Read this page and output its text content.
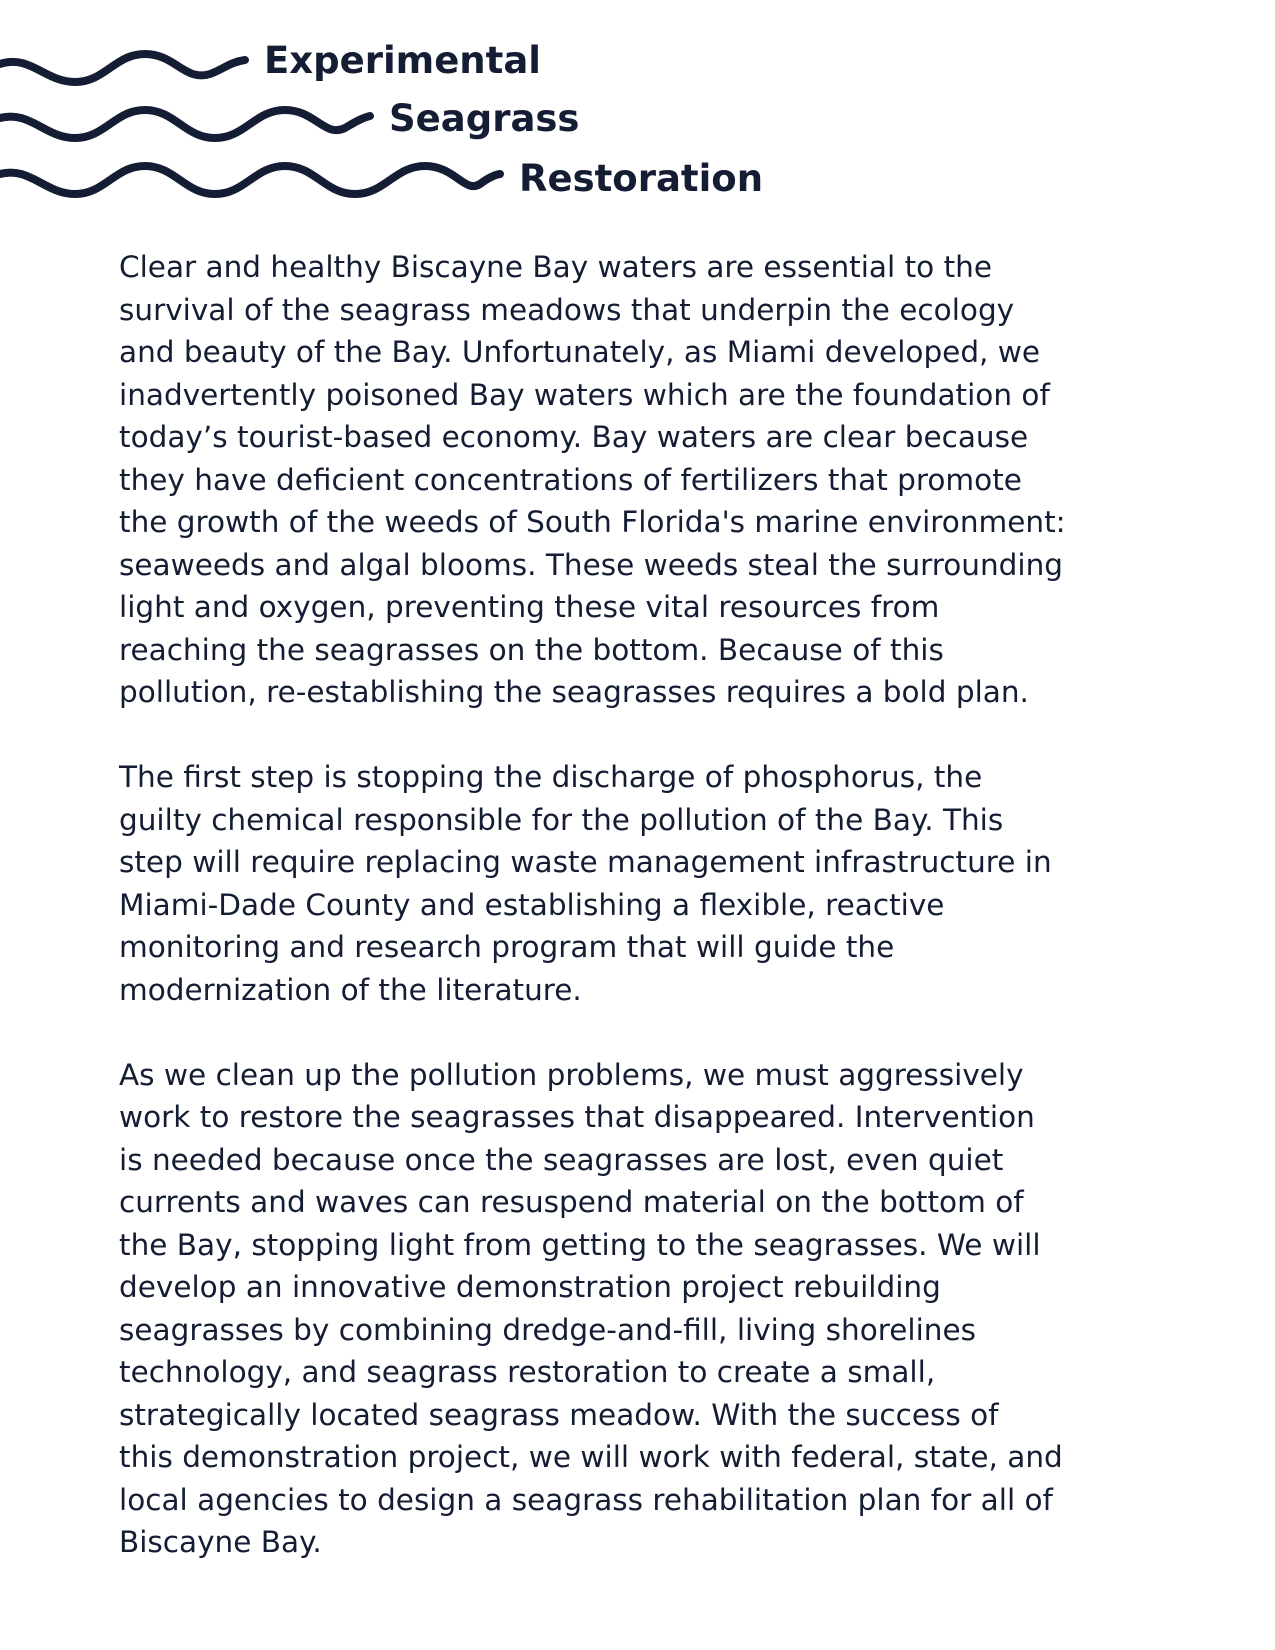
Experimental
Seagrass
Restoration

Clear and healthy Biscayne Bay waters are essential to the
survival of the seagrass meadows that underpin the ecology
and beauty of the Bay. Unfortunately, as Miami developed, we
inadvertently poisoned Bay waters which are the foundation of
today’s tourist-based economy. Bay waters are clear because
they have deficient concentrations of fertilizers that promote
the growth of the weeds of South Florida's marine environment:
seaweeds and algal blooms. These weeds steal the surrounding
light and oxygen, preventing these vital resources from
reaching the seagrasses on the bottom. Because of this
pollution, re-establishing the seagrasses requires a bold plan.

The first step is stopping the discharge of phosphorus, the
guilty chemical responsible for the pollution of the Bay. This
step will require replacing waste management infrastructure in
Miami-Dade County and establishing a flexible, reactive
monitoring and research program that will guide the
modernization of the literature.

As we clean up the pollution problems, we must aggressively
work to restore the seagrasses that disappeared. Intervention
is needed because once the seagrasses are lost, even quiet
currents and waves can resuspend material on the bottom of
the Bay, stopping light from getting to the seagrasses. We will
develop an innovative demonstration project rebuilding
seagrasses by combining dredge-and-fill, living shorelines
technology, and seagrass restoration to create a small,
strategically located seagrass meadow. With the success of
this demonstration project, we will work with federal, state, and
local agencies to design a seagrass rehabilitation plan for all of
Biscayne Bay.
